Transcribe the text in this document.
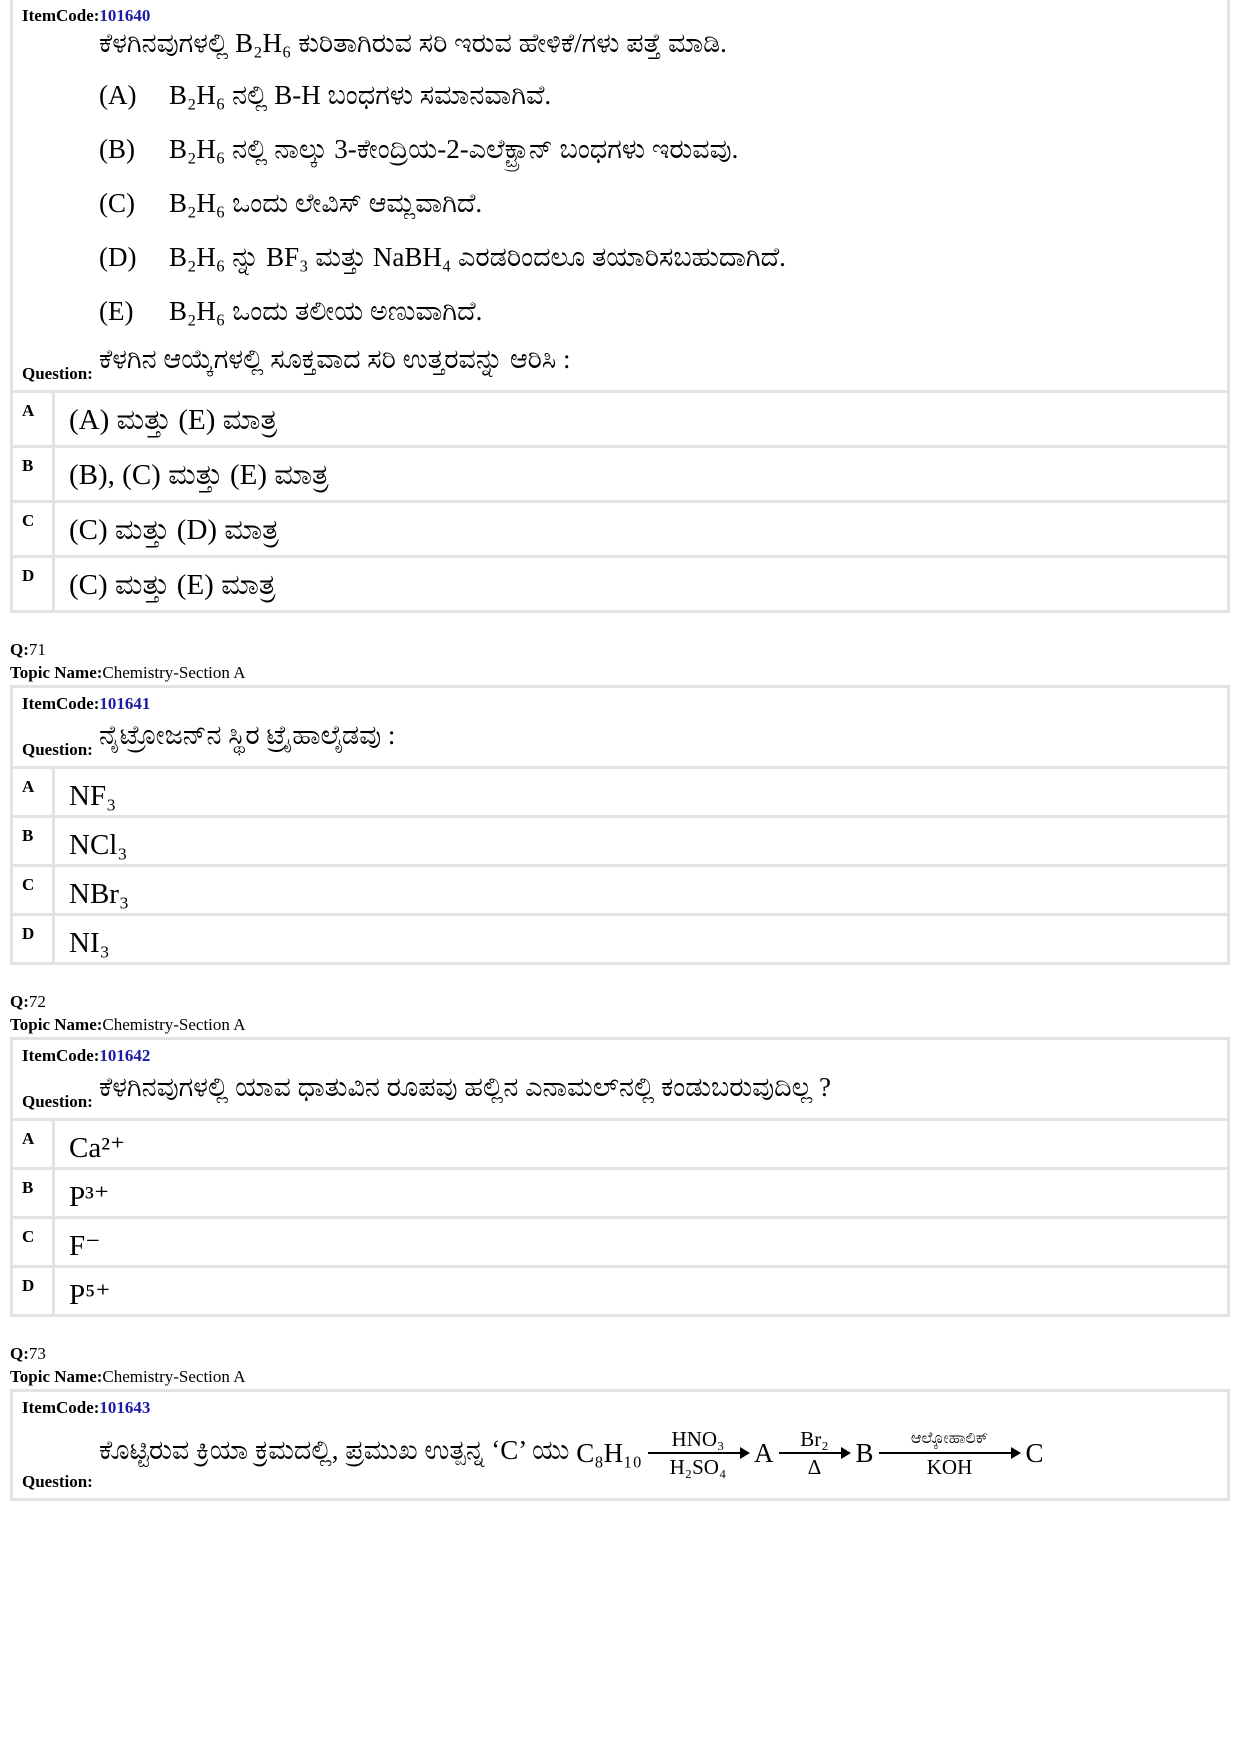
ItemCode:101640
ಕೆಳಗಿನವುಗಳಲ್ಲಿ B₂H₆ ಕುರಿತಾಗಿರುವ ಸರಿ ಇರುವ ಹೇಳಿಕೆ/ಗಳು ಪತ್ತೆ ಮಾಡಿ.
(A) B₂H₆ ನಲ್ಲಿ B-H ಬಂಧಗಳು ಸಮಾನವಾಗಿವೆ.
(B) B₂H₆ ನಲ್ಲಿ ನಾಲ್ಕು 3-ಕೇಂದ್ರಿಯ-2-ಎಲೆಕ್ಟ್ರಾನ್ ಬಂಧಗಳು ಇರುವವು.
(C) B₂H₆ ಒಂದು ಲೇವಿಸ್ ಆಮ್ಲವಾಗಿದೆ.
(D) B₂H₆ ನ್ನು BF₃ ಮತ್ತು NaBH₄ ಎರಡರಿಂದಲೂ ತಯಾರಿಸಬಹುದಾಗಿದೆ.
(E) B₂H₆ ಒಂದು ತಲೀಯ ಅಣುವಾಗಿದೆ.
ಕೆಳಗಿನ ಆಯ್ಕೆಗಳಲ್ಲಿ ಸೂಕ್ತವಾದ ಸರಿ ಉತ್ತರವನ್ನು ಆರಿಸಿ :
Question:
A	(A) ಮತ್ತು (E) ಮಾತ್ರ
B	(B), (C) ಮತ್ತು (E) ಮಾತ್ರ
C	(C) ಮತ್ತು (D) ಮಾತ್ರ
D	(C) ಮತ್ತು (E) ಮಾತ್ರ
Q:71
Topic Name:Chemistry-Section A
ItemCode:101641
ನೈಟ್ರೋಜನ್‌ನ ಸ್ಥಿರ ಟ್ರೈಹಾಲೈಡವು :
Question:
A	NF₃
B	NCl₃
C	NBr₃
D	NI₃
Q:72
Topic Name:Chemistry-Section A
ItemCode:101642
ಕೆಳಗಿನವುಗಳಲ್ಲಿ ಯಾವ ಧಾತುವಿನ ರೂಪವು ಹಲ್ಲಿನ ಎನಾಮಲ್‌ನಲ್ಲಿ ಕಂಡುಬರುವುದಿಲ್ಲ ?
Question:
A	Ca²⁺
B	P³⁺
C	F⁻
D	P⁵⁺
Q:73
Topic Name:Chemistry-Section A
ItemCode:101643
ಕೊಟ್ಟಿರುವ ಕ್ರಿಯಾ ಕ್ರಮದಲ್ಲಿ, ಪ್ರಮುಖ ಉತ್ಪನ್ನ ‘C’ ಯು C₈H₁₀ HNO₃
H₂SO₄ A Br₂
Δ B ಆಲ್ಕೋಹಾಲಿಕ್
KOH C
Question:
